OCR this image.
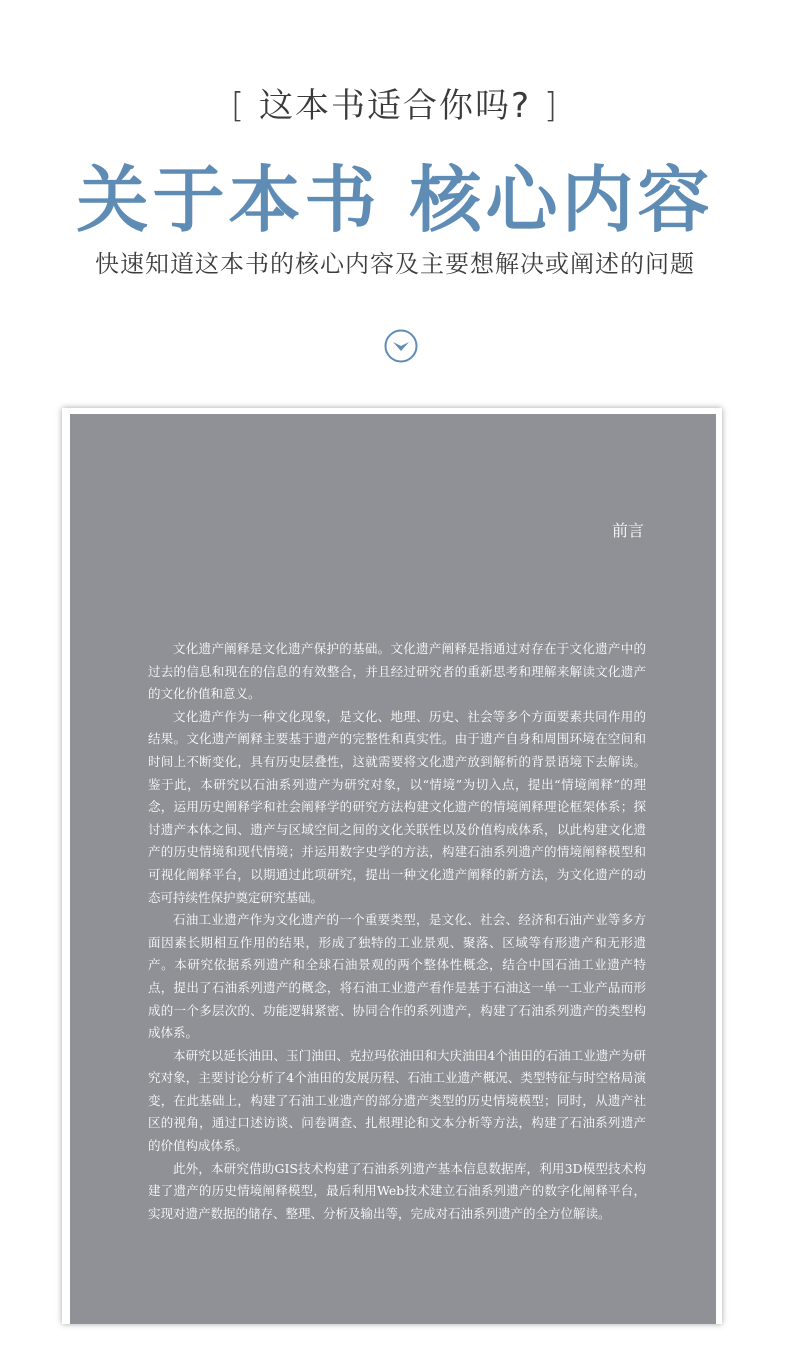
[ 这本书适合你吗? ]
关于本书 核心内容
快速知道这本书的核心内容及主要想解决或阐述的问题
前言

文化遗产阐释是文化遗产保护的基础。文化遗产阐释是指通过对存在于文化遗产中的过去的信息和现在的信息的有效整合，并且经过研究者的重新思考和理解来解读文化遗产的文化价值和意义。

文化遗产作为一种文化现象，是文化、地理、历史、社会等多个方面要素共同作用的结果。文化遗产阐释主要基于遗产的完整性和真实性。由于遗产自身和周围环境在空间和时间上不断变化，具有历史层叠性，这就需要将文化遗产放到解析的背景语境下去解读。鉴于此，本研究以石油系列遗产为研究对象，以“情境”为切入点，提出“情境阐释”的理念，运用历史阐释学和社会阐释学的研究方法构建文化遗产的情境阐释理论框架体系；探讨遗产本体之间、遗产与区域空间之间的文化关联性以及价值构成体系，以此构建文化遗产的历史情境和现代情境；并运用数字史学的方法，构建石油系列遗产的情境阐释模型和可视化阐释平台，以期通过此项研究，提出一种文化遗产阐释的新方法，为文化遗产的动态可持续性保护奠定研究基础。

石油工业遗产作为文化遗产的一个重要类型，是文化、社会、经济和石油产业等多方面因素长期相互作用的结果，形成了独特的工业景观、聚落、区域等有形遗产和无形遗产。本研究依据系列遗产和全球石油景观的两个整体性概念，结合中国石油工业遗产特点，提出了石油系列遗产的概念，将石油工业遗产看作是基于石油这一单一工业产品而形成的一个多层次的、功能逻辑紧密、协同合作的系列遗产，构建了石油系列遗产的类型构成体系。

本研究以延长油田、玉门油田、克拉玛依油田和大庆油田4个油田的石油工业遗产为研究对象，主要讨论分析了4个油田的发展历程、石油工业遗产概况、类型特征与时空格局演变，在此基础上，构建了石油工业遗产的部分遗产类型的历史情境模型；同时，从遗产社区的视角，通过口述访谈、问卷调查、扎根理论和文本分析等方法，构建了石油系列遗产的价值构成体系。

此外，本研究借助GIS技术构建了石油系列遗产基本信息数据库，利用3D模型技术构建了遗产的历史情境阐释模型，最后利用Web技术建立石油系列遗产的数字化阐释平台，实现对遗产数据的储存、整理、分析及输出等，完成对石油系列遗产的全方位解读。
